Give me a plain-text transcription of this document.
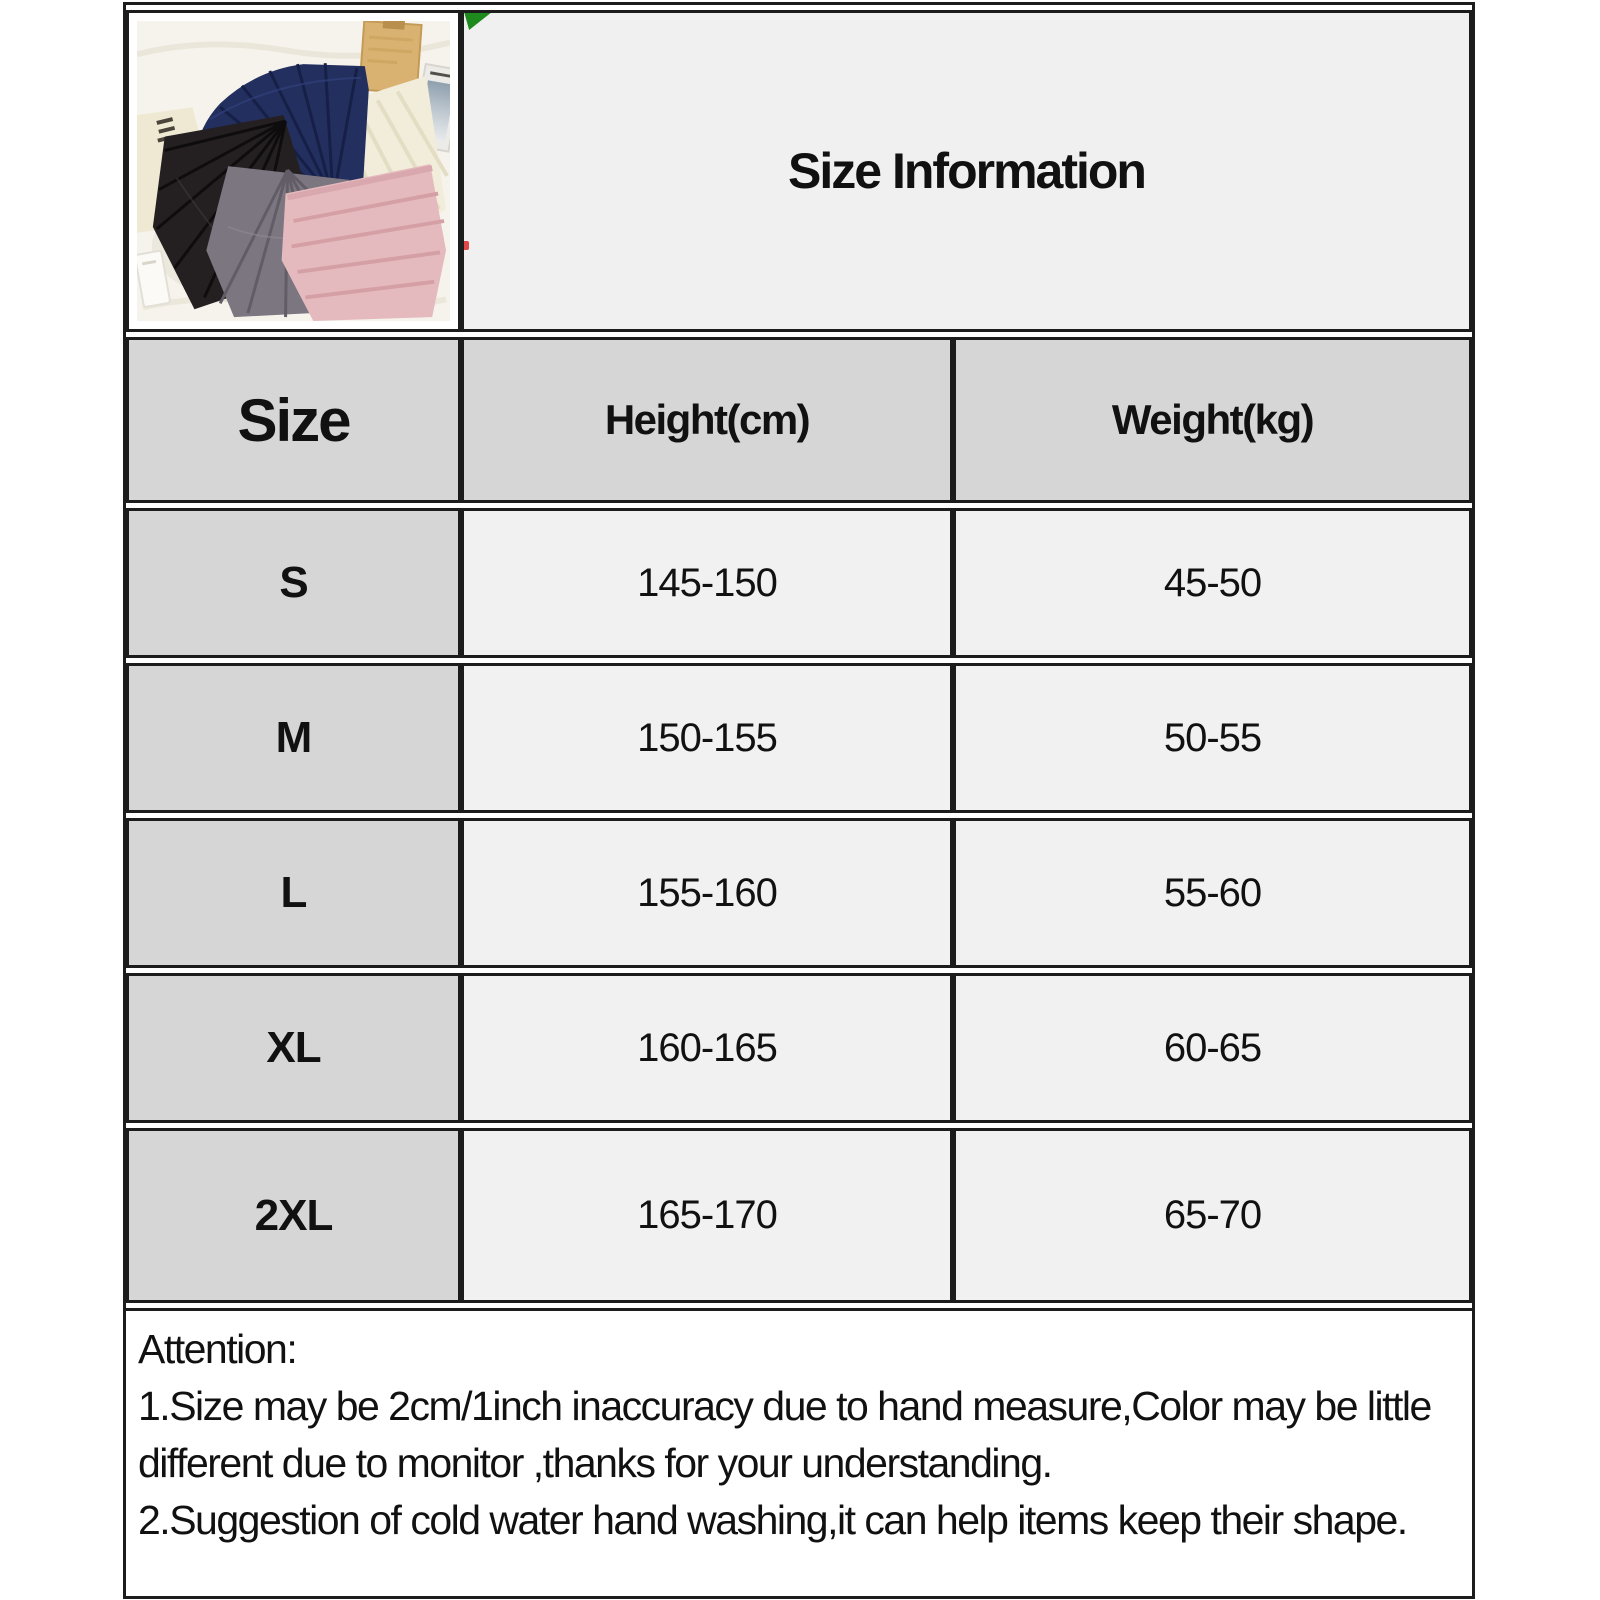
Size Information	
Size	Height(cm)	Weight(kg)
S	145-150	45-50
M	150-155	50-55
L	155-160	55-60
XL	160-165	60-65
2XL	165-170	65-70
Attention:
1.Size may be 2cm/1inch inaccuracy due to hand measure,Color may be little
different due to monitor ,thanks for your understanding.
2.Suggestion of cold water hand washing,it can help items keep their shape.
